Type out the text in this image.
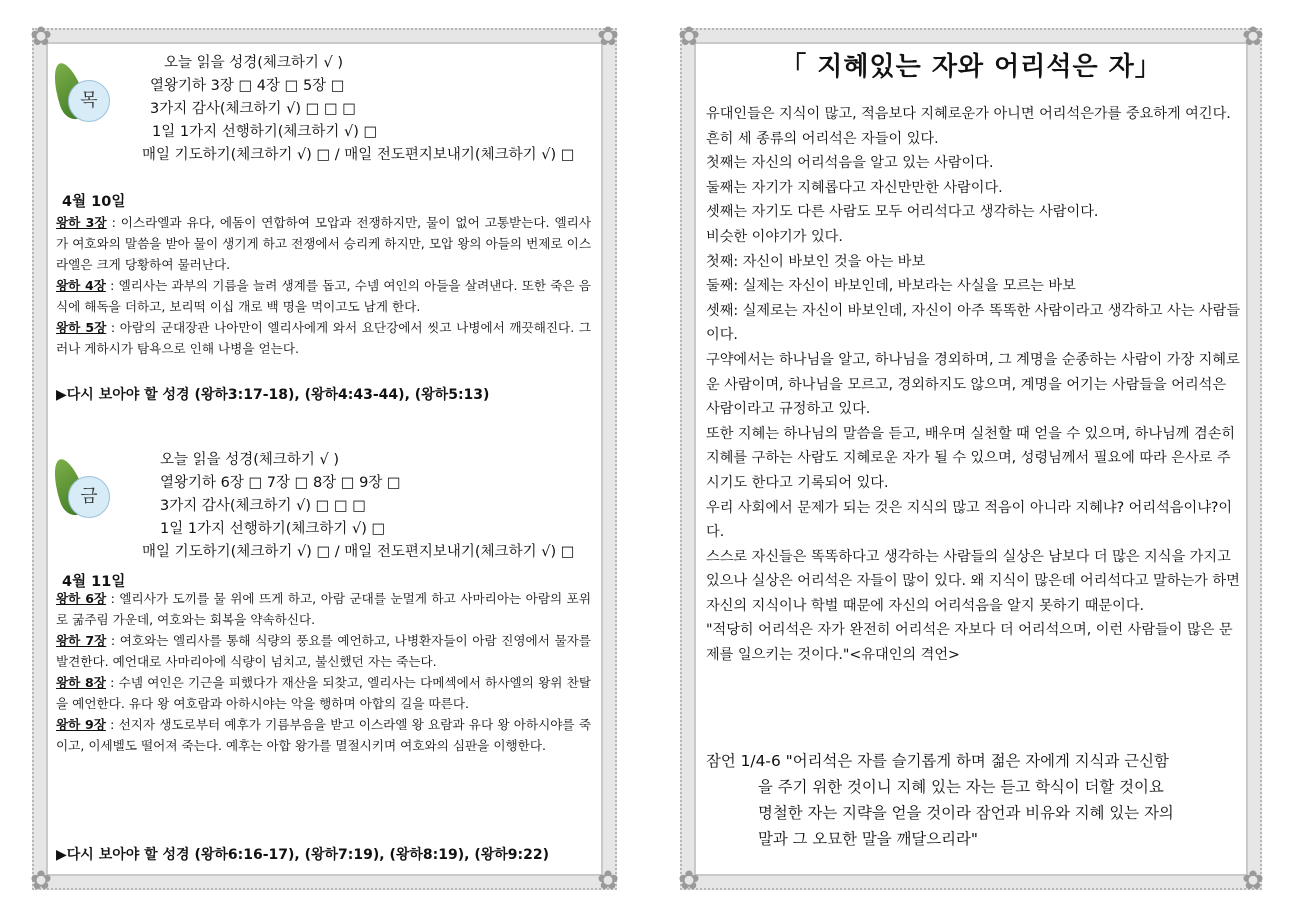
✿	✿
✿	✿
목
오늘 읽을 성경(체크하기 √ )
열왕기하 3장 □ 4장 □ 5장 □
3가지 감사(체크하기 √) □ □ □
1일 1가지 선행하기(체크하기 √) □
매일 기도하기(체크하기 √) □ / 매일 전도편지보내기(체크하기 √) □
4월 10일

왕하 3장 : 이스라엘과 유다, 에돔이 연합하여 모압과 전쟁하지만, 물이 없어 고통받는다. 엘리사가 여호와의 말씀을 받아 물이 생기게 하고 전쟁에서 승리케 하지만, 모압 왕의 아들의 번제로 이스라엘은 크게 당황하여 물러난다.

왕하 4장 : 엘리사는 과부의 기름을 늘려 생계를 돕고, 수넴 여인의 아들을 살려낸다. 또한 죽은 음식에 해독을 더하고, 보리떡 이십 개로 백 명을 먹이고도 남게 한다.

왕하 5장 : 아람의 군대장관 나아만이 엘리사에게 와서 요단강에서 씻고 나병에서 깨끗해진다. 그러나 게하시가 탐욕으로 인해 나병을 얻는다.

▶다시 보아야 할 성경 (왕하3:17-18), (왕하4:43-44), (왕하5:13)
금
오늘 읽을 성경(체크하기 √ )
열왕기하 6장 □ 7장 □ 8장 □ 9장 □
3가지 감사(체크하기 √) □ □ □
1일 1가지 선행하기(체크하기 √) □
매일 기도하기(체크하기 √) □ / 매일 전도편지보내기(체크하기 √) □
4월 11일

왕하 6장 : 엘리사가 도끼를 물 위에 뜨게 하고, 아람 군대를 눈멀게 하고 사마리아는 아람의 포위로 굶주림 가운데, 여호와는 회복을 약속하신다.

왕하 7장 : 여호와는 엘리사를 통해 식량의 풍요를 예언하고, 나병환자들이 아람 진영에서 물자를 발견한다. 예언대로 사마리아에 식량이 넘치고, 불신했던 자는 죽는다.

왕하 8장 : 수넴 여인은 기근을 피했다가 재산을 되찾고, 엘리사는 다메섹에서 하사엘의 왕위 찬탈을 예언한다. 유다 왕 여호람과 아하시야는 악을 행하며 아합의 길을 따른다.

왕하 9장 : 선지자 생도로부터 예후가 기름부음을 받고 이스라엘 왕 요람과 유다 왕 아하시야를 죽이고, 이세벨도 떨어져 죽는다. 예후는 아합 왕가를 멸절시키며 여호와의 심판을 이행한다.

▶다시 보아야 할 성경 (왕하6:16-17), (왕하7:19), (왕하8:19), (왕하9:22)
✿	✿
✿	✿
「 지혜있는 자와 어리석은 자」

유대인들은 지식이 많고, 적음보다 지혜로운가 아니면 어리석은가를 중요하게 여긴다.

흔히 세 종류의 어리석은 자들이 있다.

첫째는 자신의 어리석음을 알고 있는 사람이다.

둘째는 자기가 지혜롭다고 자신만만한 사람이다.

셋째는 자기도 다른 사람도 모두 어리석다고 생각하는 사람이다.

비슷한 이야기가 있다.

첫째: 자신이 바보인 것을 아는 바보

둘째: 실제는 자신이 바보인데, 바보라는 사실을 모르는 바보

셋째: 실제로는 자신이 바보인데, 자신이 아주 똑똑한 사람이라고 생각하고 사는 사람들이다.

구약에서는 하나님을 알고, 하나님을 경외하며, 그 계명을 순종하는 사람이 가장 지혜로운 사람이며, 하나님을 모르고, 경외하지도 않으며, 계명을 어기는 사람들을 어리석은 사람이라고 규정하고 있다.

또한 지혜는 하나님의 말씀을 듣고, 배우며 실천할 때 얻을 수 있으며, 하나님께 겸손히 지혜를 구하는 사람도 지혜로운 자가 될 수 있으며, 성령님께서 필요에 따라 은사로 주시기도 한다고 기록되어 있다.

우리 사회에서 문제가 되는 것은 지식의 많고 적음이 아니라 지혜냐? 어리석음이냐?이다.

스스로 자신들은 똑똑하다고 생각하는 사람들의 실상은 남보다 더 많은 지식을 가지고 있으나 실상은 어리석은 자들이 많이 있다. 왜 지식이 많은데 어리석다고 말하는가 하면 자신의 지식이나 학벌 때문에 자신의 어리석음을 알지 못하기 때문이다.

"적당히 어리석은 자가 완전히 어리석은 자보다 더 어리석으며, 이런 사람들이 많은 문제를 일으키는 것이다."<유대인의 격언>

잠언 1/4-6 "어리석은 자를 슬기롭게 하며 젊은 자에게 지식과 근신함
을 주기 위한 것이니 지혜 있는 자는 듣고 학식이 더할 것이요
명철한 자는 지략을 얻을 것이라 잠언과 비유와 지혜 있는 자의
말과 그 오묘한 말을 깨달으리라"
